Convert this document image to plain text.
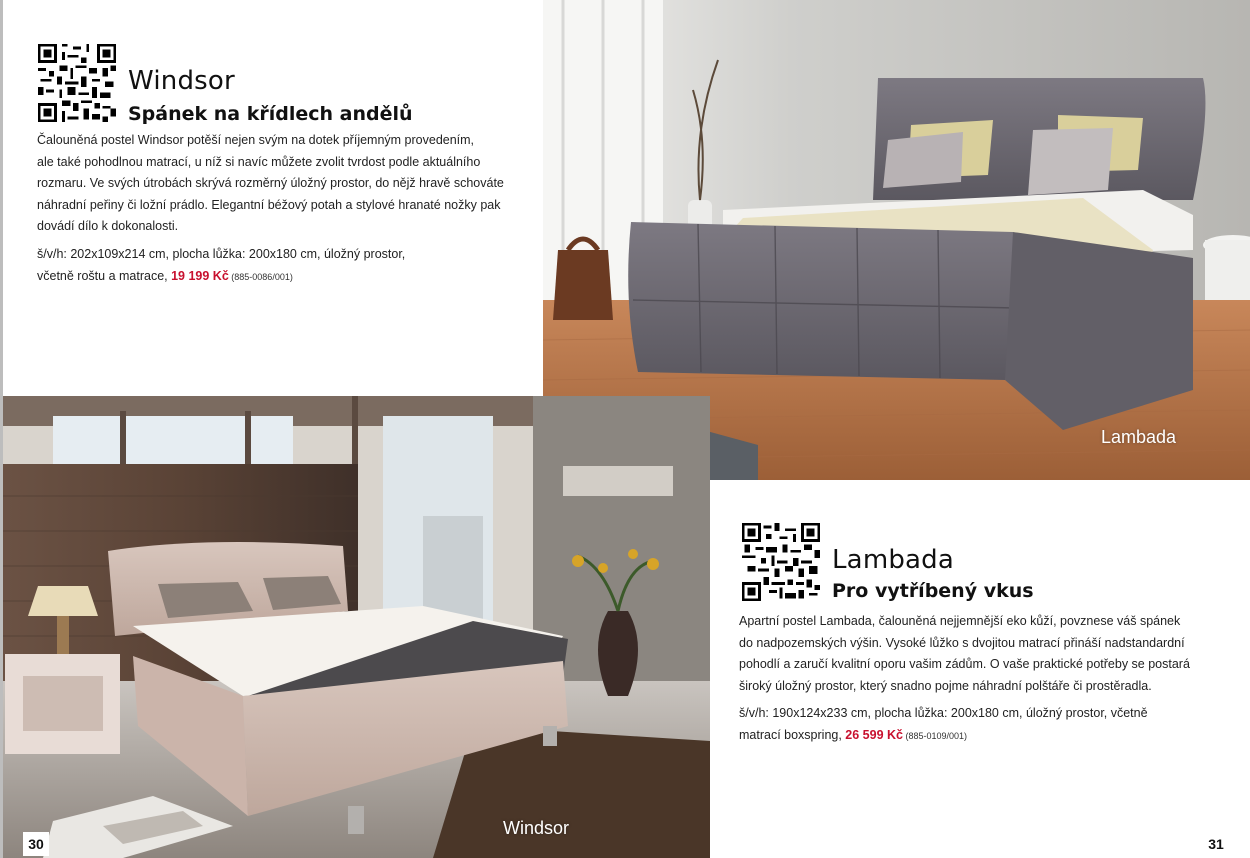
Windsor
Spánek na křídlech andělů
Čalouněná postel Windsor potěší nejen svým na dotek příjemným provedením,
ale také pohodlnou matrací, u níž si navíc můžete zvolit tvrdost podle aktuálního
rozmaru. Ve svých útrobách skrývá rozměrný úložný prostor, do nějž hravě schováte
náhradní peřiny či ložní prádlo. Elegantní béžový potah a stylové hranaté nožky pak
dovádí dílo k dokonalosti.
š/v/h: 202x109x214 cm, plocha lůžka: 200x180 cm, úložný prostor,
včetně roštu a matrace, 19 199 Kč (885-0086/001)
Lambada
Windsor
Lambada
Pro vytříbený vkus
Apartní postel Lambada, čalouněná nejjemnější eko kůží, povznese váš spánek
do nadpozemských výšin. Vysoké lůžko s dvojitou matrací přináší nadstandardní
pohodlí a zaručí kvalitní oporu vašim zádům. O vaše praktické potřeby se postará
široký úložný prostor, který snadno pojme náhradní polštáře či prostěradla.
š/v/h: 190x124x233 cm, plocha lůžka: 200x180 cm, úložný prostor, včetně
matrací boxspring, 26 599 Kč (885-0109/001)
30	31
